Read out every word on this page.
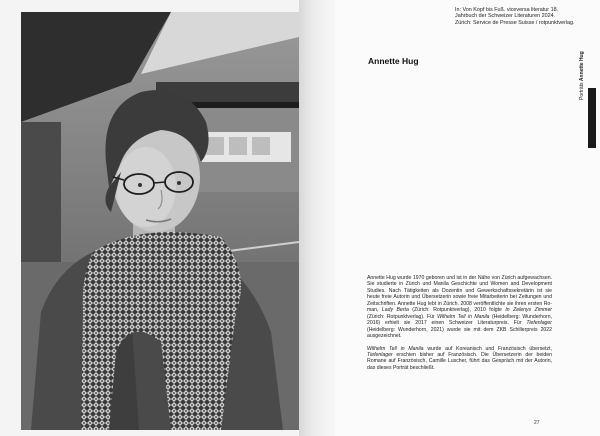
In: Von Kopf bis Fuß. viceversa literatur 18.
Jahrbuch der Schweizer Literaturen 2024.
Zürich: Service de Presse Suisse / rotpunktverlag.
Annette Hug
Porträts Annette Hug

Annette Hug wurde 1970 geboren und ist in der Nähe von Zürich aufgewachsen. Sie studierte in Zürich und Manila Geschichte und Women and Development Studies. Nach Tätigkeiten als Dozentin und Gewerkschaftssekretärin ist sie heute freie Autorin und Übersetzerin sowie freie Mitarbeiterin bei Zeitungen und Zeitschriften. Annette Hug lebt in Zürich. 2008 veröffentlichte sie ihren ersten Roman, Lady Berta (Zürich: Rotpunktverlag), 2010 folgte In Zelenys Zimmer (Zürich: Rotpunktverlag). Für Wilhelm Tell in Manila (Heidelberg: Wunderhorn, 2016) erhielt sie 2017 einen Schweizer Literaturpreis. Für Tiefenlager (Heidelberg: Wunderhorn, 2021) wurde sie mit dem ZKB Schillerpreis 2022 ausgezeichnet.

Wilhelm Tell in Manila wurde auf Koreanisch und Französisch übersetzt, Tiefenlager erschien bisher auf Französisch. Die Übersetzerin der beiden Romane auf Französisch, Camille Luscher, führt das Gespräch mit der Autorin, das dieses Porträt beschließt.

27
